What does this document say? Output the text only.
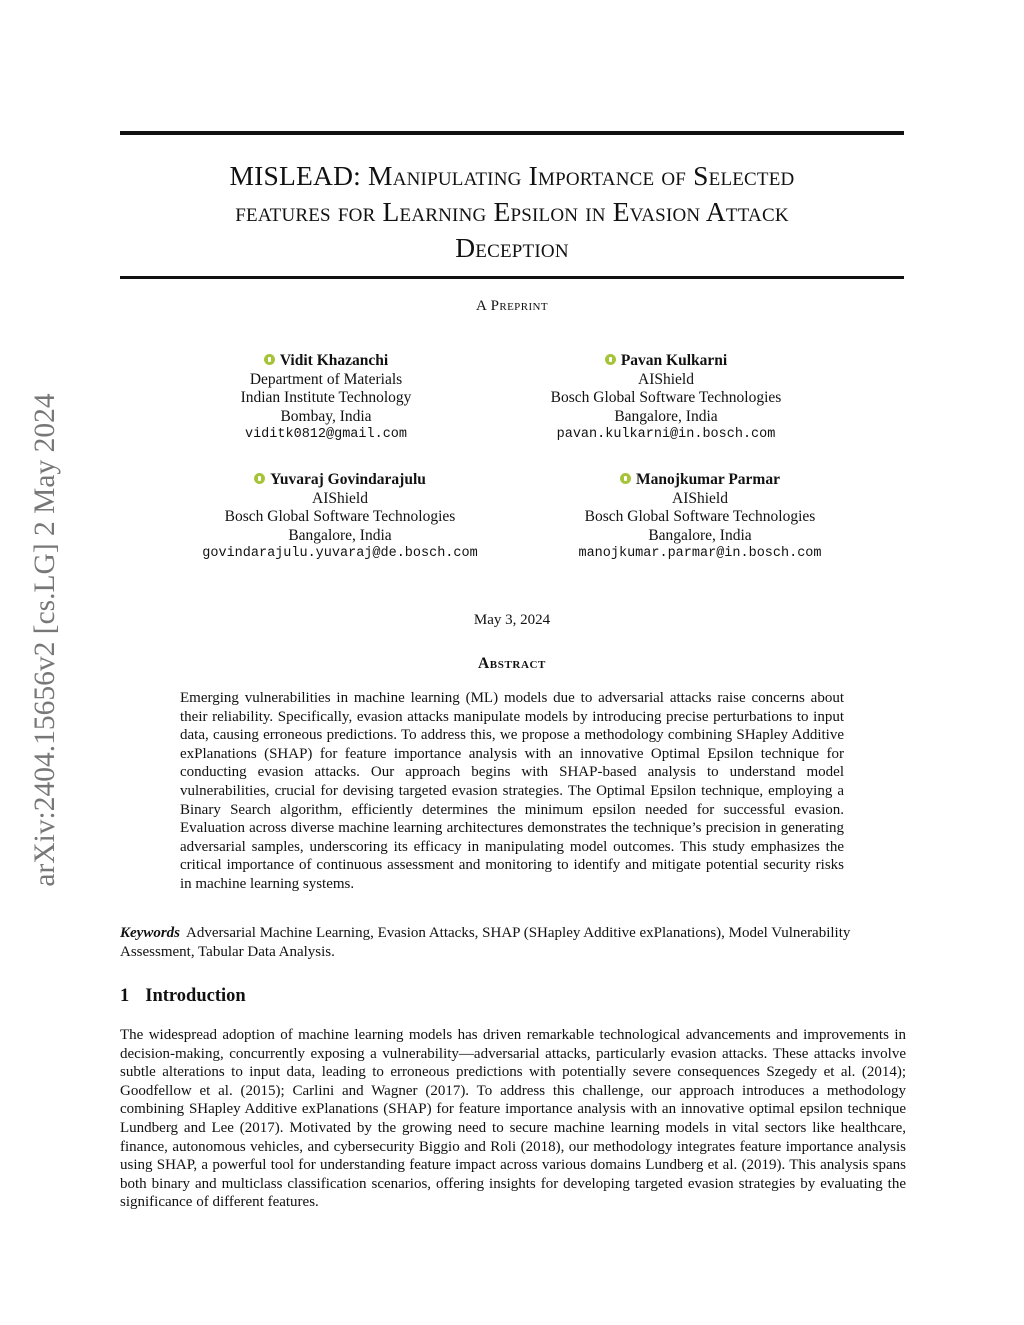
arXiv:2404.15656v2 [cs.LG] 2 May 2024
MISLEAD: Manipulating Importance of Selected
features for Learning Epsilon in Evasion Attack
Deception
A Preprint
Vidit Khazanchi
Department of Materials
Indian Institute Technology
Bombay, India
viditk0812@gmail.com
Pavan Kulkarni
AIShield
Bosch Global Software Technologies
Bangalore, India
pavan.kulkarni@in.bosch.com
Yuvaraj Govindarajulu
AIShield
Bosch Global Software Technologies
Bangalore, India
govindarajulu.yuvaraj@de.bosch.com
Manojkumar Parmar
AIShield
Bosch Global Software Technologies
Bangalore, India
manojkumar.parmar@in.bosch.com
May 3, 2024
Abstract
Emerging vulnerabilities in machine learning (ML) models due to adversarial attacks raise concerns about their reliability. Specifically, evasion attacks manipulate models by introducing precise perturbations to input data, causing erroneous predictions. To address this, we propose a methodology combining SHapley Additive exPlanations (SHAP) for feature importance analysis with an innovative Optimal Epsilon technique for conducting evasion attacks. Our approach begins with SHAP-based analysis to understand model vulnerabilities, crucial for devising targeted evasion strategies. The Optimal Epsilon technique, employing a Binary Search algorithm, efficiently determines the minimum epsilon needed for successful evasion. Evaluation across diverse machine learning architectures demonstrates the technique’s precision in generating adversarial samples, underscoring its efficacy in manipulating model outcomes. This study emphasizes the critical importance of continuous assessment and monitoring to identify and mitigate potential security risks in machine learning systems.
Keywords Adversarial Machine Learning, Evasion Attacks, SHAP (SHapley Additive exPlanations), Model Vulnerability Assessment, Tabular Data Analysis.
1 Introduction
The widespread adoption of machine learning models has driven remarkable technological advancements and improvements in decision-making, concurrently exposing a vulnerability—adversarial attacks, particularly evasion attacks. These attacks involve subtle alterations to input data, leading to erroneous predictions with potentially severe consequences Szegedy et al. (2014); Goodfellow et al. (2015); Carlini and Wagner (2017). To address this challenge, our approach introduces a methodology combining SHapley Additive exPlanations (SHAP) for feature importance analysis with an innovative optimal epsilon technique Lundberg and Lee (2017). Motivated by the growing need to secure machine learning models in vital sectors like healthcare, finance, autonomous vehicles, and cybersecurity Biggio and Roli (2018), our methodology integrates feature importance analysis using SHAP, a powerful tool for understanding feature impact across various domains Lundberg et al. (2019). This analysis spans both binary and multiclass classification scenarios, offering insights for developing targeted evasion strategies by evaluating the significance of different features.
